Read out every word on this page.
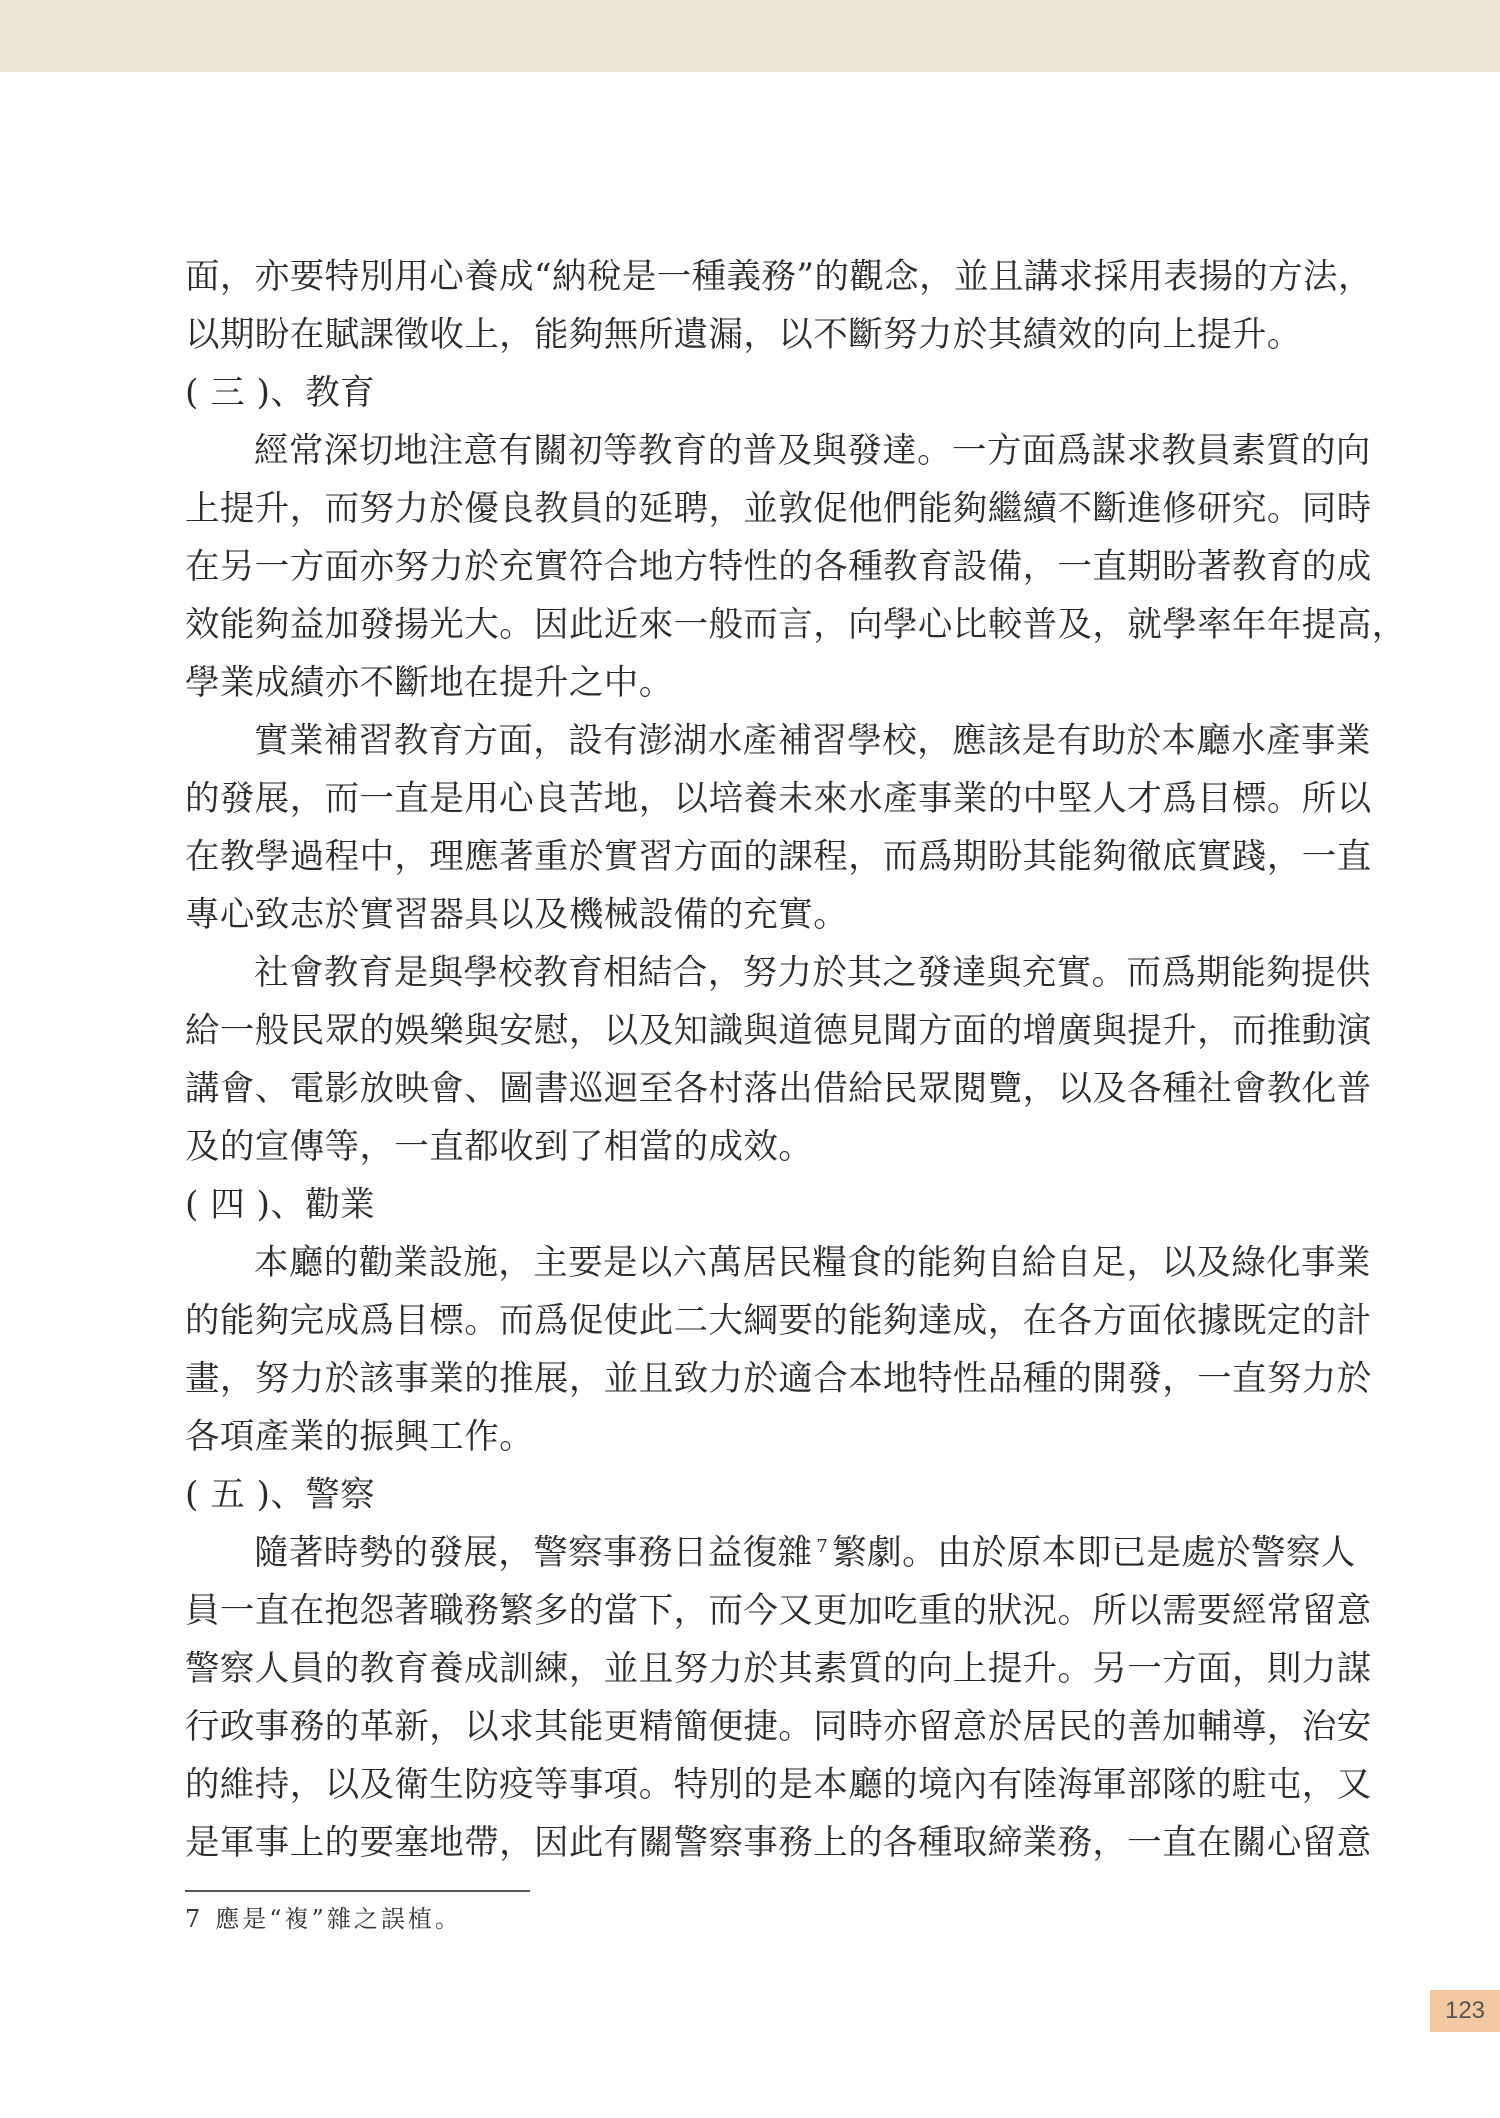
面，亦要特別用心養成“納稅是一種義務”的觀念，並且講求採用表揚的方法，
以期盼在賦課徵收上，能夠無所遺漏，以不斷努力於其績效的向上提升。
( 三 )、教育
經常深切地注意有關初等教育的普及與發達。一方面爲謀求教員素質的向
上提升，而努力於優良教員的延聘，並敦促他們能夠繼續不斷進修研究。同時
在另一方面亦努力於充實符合地方特性的各種教育設備，一直期盼著教育的成
效能夠益加發揚光大。因此近來一般而言，向學心比較普及，就學率年年提高，
學業成績亦不斷地在提升之中。
實業補習教育方面，設有澎湖水產補習學校，應該是有助於本廳水產事業
的發展，而一直是用心良苦地，以培養未來水產事業的中堅人才爲目標。所以
在教學過程中，理應著重於實習方面的課程，而爲期盼其能夠徹底實踐，一直
專心致志於實習器具以及機械設備的充實。
社會教育是與學校教育相結合，努力於其之發達與充實。而爲期能夠提供
給一般民眾的娛樂與安慰，以及知識與道德見聞方面的增廣與提升，而推動演
講會、電影放映會、圖書巡迴至各村落出借給民眾閱覽，以及各種社會教化普
及的宣傳等，一直都收到了相當的成效。
( 四 )、勸業
本廳的勸業設施，主要是以六萬居民糧食的能夠自給自足，以及綠化事業
的能夠完成爲目標。而爲促使此二大綱要的能夠達成，在各方面依據既定的計
畫，努力於該事業的推展，並且致力於適合本地特性品種的開發，一直努力於
各項產業的振興工作。
( 五 )、警察
隨著時勢的發展，警察事務日益復雜 $^7$ 繁劇。由於原本即已是處於警察人
員一直在抱怨著職務繁多的當下，而今又更加吃重的狀況。所以需要經常留意
警察人員的教育養成訓練，並且努力於其素質的向上提升。另一方面，則力謀
行政事務的革新，以求其能更精簡便捷。同時亦留意於居民的善加輔導，治安
的維持，以及衛生防疫等事項。特別的是本廳的境內有陸海軍部隊的駐屯，又
是軍事上的要塞地帶，因此有關警察事務上的各種取締業務，一直在關心留意
7 應是“複”雜之誤植。
123
